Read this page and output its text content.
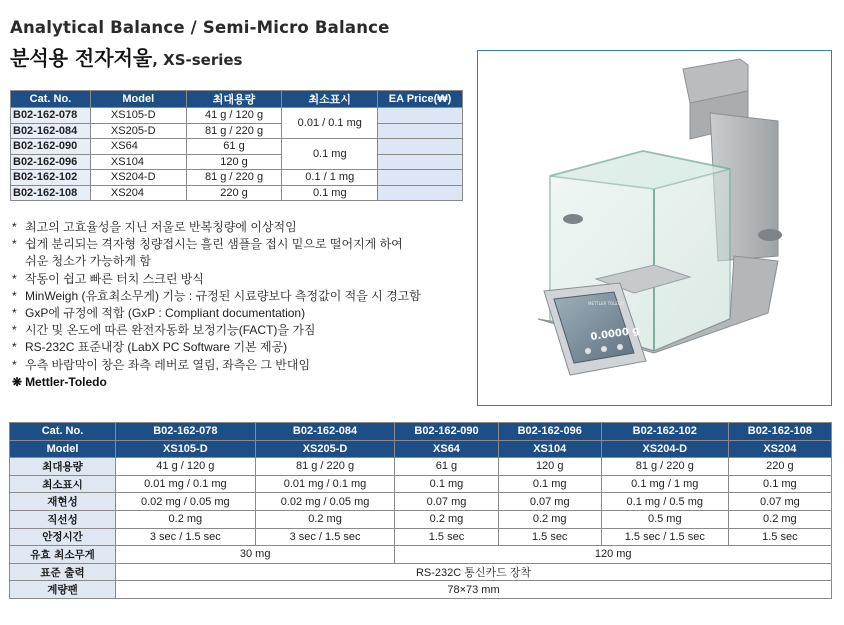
Analytical Balance / Semi-Micro Balance
분석용 전자저울, XS-series
Cat. No.	Model	최대용량	최소표시	EA Price(₩)
B02-162-078	XS105-D	41 g / 120 g	0.01 / 0.1 mg	
B02-162-084	XS205-D	81 g / 220 g		
B02-162-090	XS64	61 g	0.1 mg	
B02-162-096	XS104	120 g		
B02-162-102	XS204-D	81 g / 220 g	0.1 / 1 mg	
B02-162-108	XS204	220 g	0.1 mg	
* 최고의 고효율성을 지닌 저울로 반복칭량에 이상적임
* 쉽게 분리되는 격자형 칭량접시는 흘린 샘플을 접시 밑으로 떨어지게 하여
쉬운 청소가 가능하게 함
* 작동이 쉽고 빠른 터치 스크린 방식
* MinWeigh (유효최소무게) 기능 : 규정된 시료량보다 측정값이 적을 시 경고함
* GxP에 규정에 적합 (GxP : Compliant documentation)
* 시간 및 온도에 따른 완전자동화 보정기능(FACT)을 가짐
* RS-232C 표준내장 (LabX PC Software 기본 제공)
* 우측 바람막이 창은 좌측 레버로 열림, 좌측은 그 반대임
❋ Mettler-Toledo
0.0000 g
METTLER TOLEDO
Cat. No.	B02-162-078	B02-162-084	B02-162-090	B02-162-096	B02-162-102	B02-162-108
Model	XS105-D	XS205-D	XS64	XS104	XS204-D	XS204
최대용량	41 g / 120 g	81 g / 220 g	61 g	120 g	81 g / 220 g	220 g
최소표시	0.01 mg / 0.1 mg	0.01 mg / 0.1 mg	0.1 mg	0.1 mg	0.1 mg / 1 mg	0.1 mg
재현성	0.02 mg / 0.05 mg	0.02 mg / 0.05 mg	0.07 mg	0.07 mg	0.1 mg / 0.5 mg	0.07 mg
직선성	0.2 mg	0.2 mg	0.2 mg	0.2 mg	0.5 mg	0.2 mg
안정시간	3 sec / 1.5 sec	3 sec / 1.5 sec	1.5 sec	1.5 sec	1.5 sec / 1.5 sec	1.5 sec
유효 최소무게	30 mg		120 mg			
표준 출력	RS-232C 통신카드 장착					
계량팬	78×73 mm					
